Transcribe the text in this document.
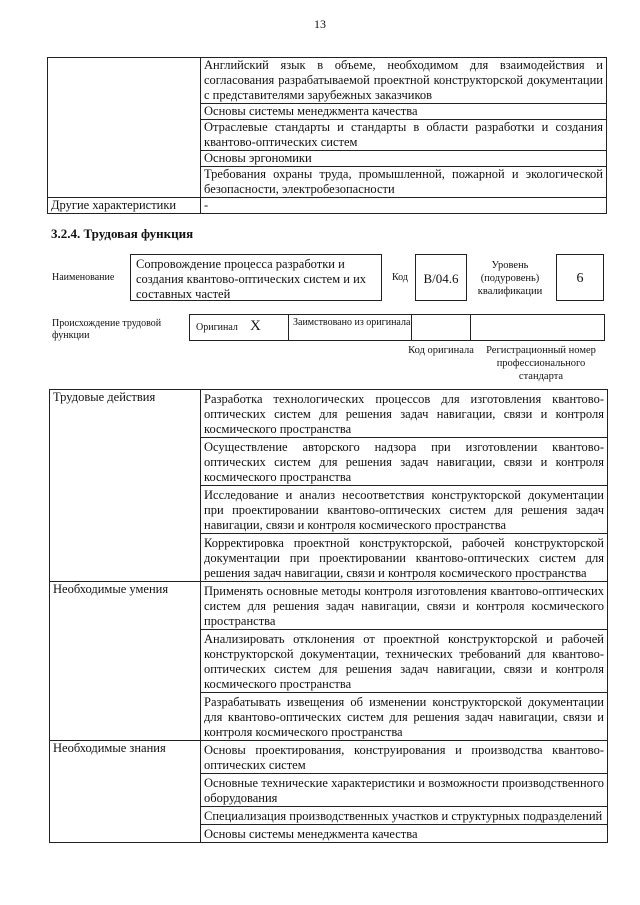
13
	Английский язык в объеме, необходимом для взаимодействия и согласования разрабатываемой проектной конструкторской документации с представителями зарубежных заказчиков
	Основы системы менеджмента качества
	Отраслевые стандарты и стандарты в области разработки и создания квантово-оптических систем
	Основы эргономики
	Требования охраны труда, промышленной, пожарной и экологической безопасности, электробезопасности
Другие характеристики	-
3.2.4. Трудовая функция
Наименование
Сопровождение процесса разработки и создания квантово-оптических систем и их составных частей
Код	B/04.6
Уровень (подуровень) квалификации
6
Происхождение трудовой функции
Оригинал X	Заимствовано из оригинала
Код оригинала	Регистрационный номер профессионального стандарта
Трудовые действия	Разработка технологических процессов для изготовления квантово-оптических систем для решения задач навигации, связи и контроля космического пространства
	Осуществление авторского надзора при изготовлении квантово-оптических систем для решения задач навигации, связи и контроля космического пространства
	Исследование и анализ несоответствия конструкторской документации при проектировании квантово-оптических систем для решения задач навигации, связи и контроля космического пространства
	Корректировка проектной конструкторской, рабочей конструкторской документации при проектировании квантово-оптических систем для решения задач навигации, связи и контроля космического пространства
Необходимые умения	Применять основные методы контроля изготовления квантово-оптических систем для решения задач навигации, связи и контроля космического пространства
	Анализировать отклонения от проектной конструкторской и рабочей конструкторской документации, технических требований для квантово-оптических систем для решения задач навигации, связи и контроля космического пространства
	Разрабатывать извещения об изменении конструкторской документации для квантово-оптических систем для решения задач навигации, связи и контроля космического пространства
Необходимые знания	Основы проектирования, конструирования и производства квантово-оптических систем
	Основные технические характеристики и возможности производственного оборудования
	Специализация производственных участков и структурных подразделений
	Основы системы менеджмента качества
